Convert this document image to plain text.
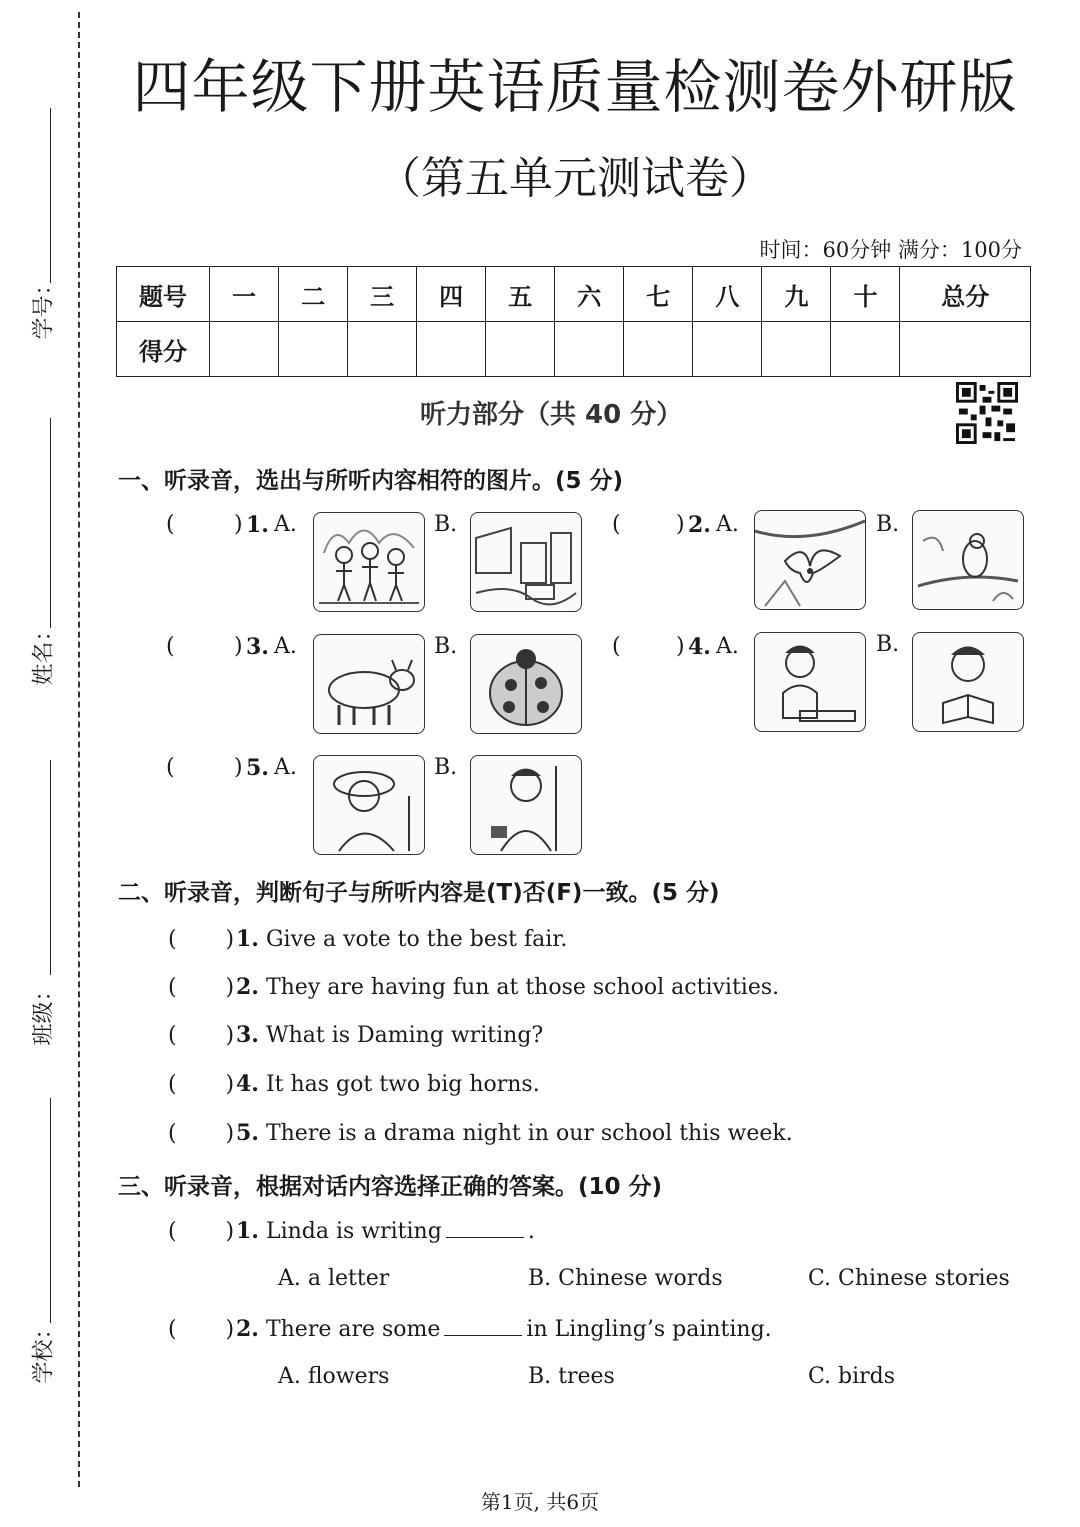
学号：
姓名：
班级：
学校：
四年级下册英语质量检测卷外研版
（第五单元测试卷）
时间：60分钟 满分：100分
题号	一	二	三	四	五	六	七	八	九	十	总分
得分											
听力部分（共 40 分）
一、听录音，选出与所听内容相符的图片。(5 分)
(	) 1. A.	B.	(	) 2. A.	B.
(	) 3. A.	B.	(	) 4. A.	B.
(	) 5. A.	B.
二、听录音，判断句子与所听内容是(T)否(F)一致。(5 分)
(       )1. Give a vote to the best fair.
(       )2. They are having fun at those school activities.
(       )3. What is Daming writing?
(       )4. It has got two big horns.
(       )5. There is a drama night in our school this week.
三、听录音，根据对话内容选择正确的答案。(10 分)
(       )1. Linda is writing	.
A. a letter	B. Chinese words	C. Chinese stories
(       )2. There are some	in Lingling’s painting.
A. flowers	B. trees	C. birds
第1页, 共6页
